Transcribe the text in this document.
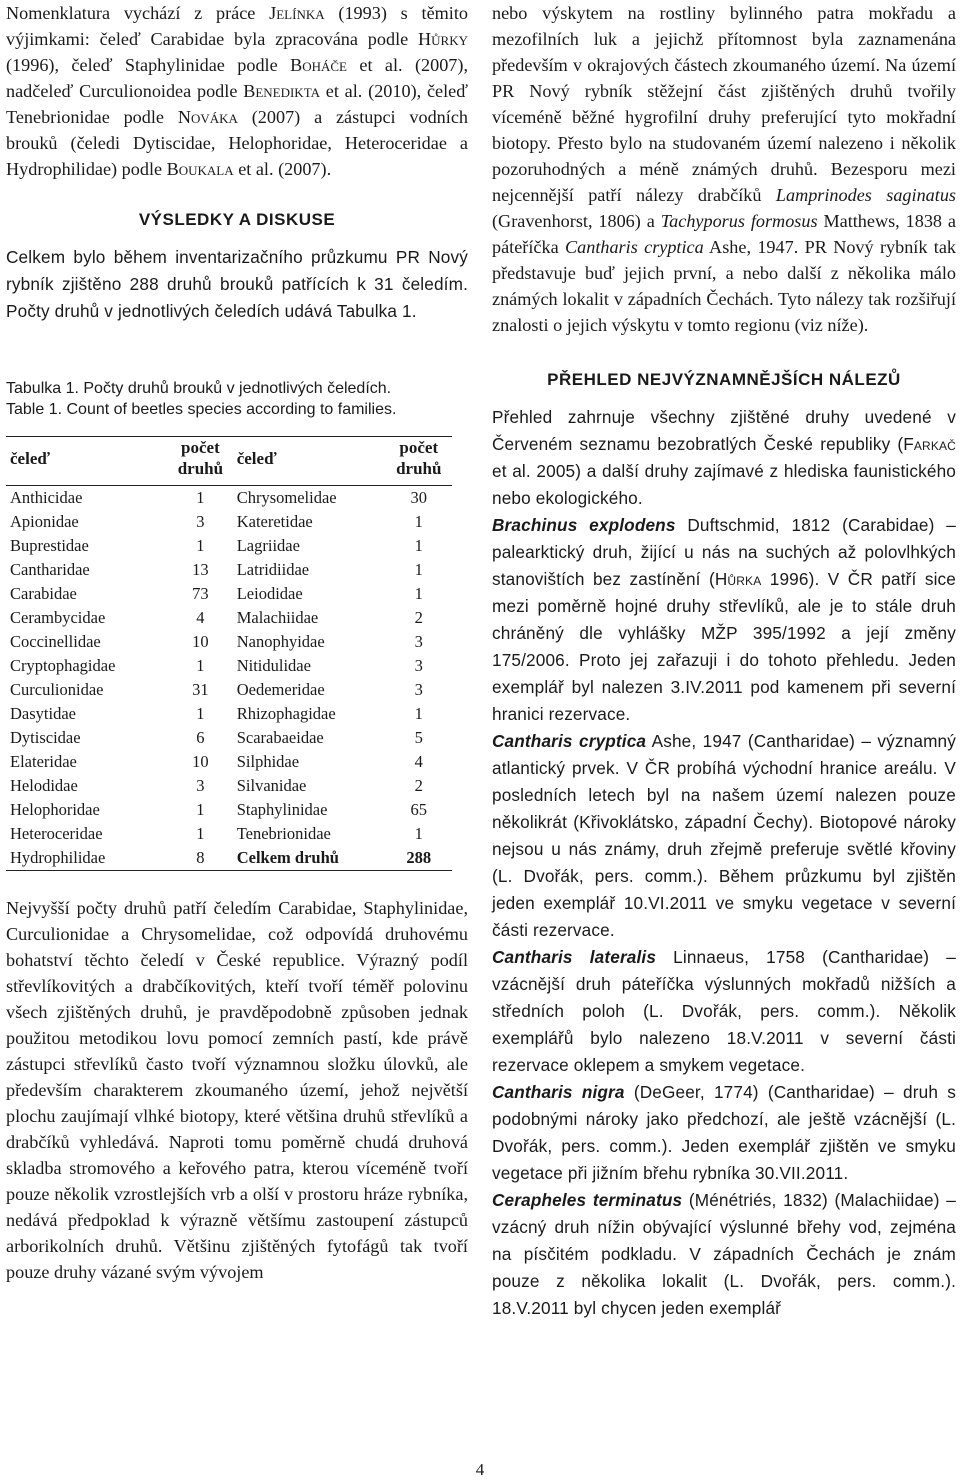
Nomenklatura vychází z práce Jelínka (1993) s těmito výjimkami: čeleď Carabidae byla zpracována podle Hůrky (1996), čeleď Staphylinidae podle Boháče et al. (2007), nadčeleď Curculionoidea podle Benedikta et al. (2010), čeleď Tenebrionidae podle Nováka (2007) a zástupci vodních brouků (čeledi Dytiscidae, Helophoridae, Heteroceridae a Hydrophilidae) podle Boukala et al. (2007).

VÝSLEDKY A DISKUSE

Celkem bylo během inventarizačního průzkumu PR Nový rybník zjištěno 288 druhů brouků patřících k 31 čeledím. Počty druhů v jednotlivých čeledích udává Tabulka 1.

Tabulka 1. Počty druhů brouků v jednotlivých čeledích.

Table 1. Count of beetles species according to families.

čeleď	počet druhů	čeleď	počet druhů
Anthicidae	1	Chrysomelidae	30
Apionidae	3	Kateretidae	1
Buprestidae	1	Lagriidae	1
Cantharidae	13	Latridiidae	1
Carabidae	73	Leiodidae	1
Cerambycidae	4	Malachiidae	2
Coccinellidae	10	Nanophyidae	3
Cryptophagidae	1	Nitidulidae	3
Curculionidae	31	Oedemeridae	3
Dasytidae	1	Rhizophagidae	1
Dytiscidae	6	Scarabaeidae	5
Elateridae	10	Silphidae	4
Helodidae	3	Silvanidae	2
Helophoridae	1	Staphylinidae	65
Heteroceridae	1	Tenebrionidae	1
Hydrophilidae	8	Celkem druhů	288

Nejvyšší počty druhů patří čeledím Carabidae, Staphylinidae, Curculionidae a Chrysomelidae, což odpovídá druhovému bohatství těchto čeledí v České republice. Výrazný podíl střevlíkovitých a drabčíkovitých, kteří tvoří téměř polovinu všech zjištěných druhů, je pravděpodobně způsoben jednak použitou metodikou lovu pomocí zemních pastí, kde právě zástupci střevlíků často tvoří významnou složku úlovků, ale především charakterem zkoumaného území, jehož největší plochu zaujímají vlhké biotopy, které většina druhů střevlíků a drabčíků vyhledává. Naproti tomu poměrně chudá druhová skladba stromového a keřového patra, kterou víceméně tvoří pouze několik vzrostlejších vrb a olší v prostoru hráze rybníka, nedává předpoklad k výrazně většímu zastoupení zástupců arborikolních druhů. Většinu zjištěných fytofágů tak tvoří pouze druhy vázané svým vývojem

nebo výskytem na rostliny bylinného patra mokřadu a mezofilních luk a jejichž přítomnost byla zaznamenána především v okrajových částech zkoumaného území. Na území PR Nový rybník stěžejní část zjištěných druhů tvořily víceméně běžné hygrofilní druhy preferující tyto mokřadní biotopy. Přesto bylo na studovaném území nalezeno i několik pozoruhodných a méně známých druhů. Bezesporu mezi nejcennější patří nálezy drabčíků Lamprinodes saginatus (Gravenhorst, 1806) a Tachyporus formosus Matthews, 1838 a páteříčka Cantharis cryptica Ashe, 1947. PR Nový rybník tak představuje buď jejich první, a nebo další z několika málo známých lokalit v západních Čechách. Tyto nálezy tak rozšiřují znalosti o jejich výskytu v tomto regionu (viz níže).

PŘEHLED NEJVÝZNAMNĚJŠÍCH NÁLEZŮ

Přehled zahrnuje všechny zjištěné druhy uvedené v Červeném seznamu bezobratlých České republiky (Farkač et al. 2005) a další druhy zajímavé z hlediska faunistického nebo ekologického.

Brachinus explodens Duftschmid, 1812 (Carabidae) – palearktický druh, žijící u nás na suchých až polovlhkých stanovištích bez zastínění (Hůrka 1996). V ČR patří sice mezi poměrně hojné druhy střevlíků, ale je to stále druh chráněný dle vyhlášky MŽP 395/1992 a její změny 175/2006. Proto jej zařazuji i do tohoto přehledu. Jeden exemplář byl nalezen 3.IV.2011 pod kamenem při severní hranici rezervace.

Cantharis cryptica Ashe, 1947 (Cantharidae) – významný atlantický prvek. V ČR probíhá východní hranice areálu. V posledních letech byl na našem území nalezen pouze několikrát (Křivoklátsko, západní Čechy). Biotopové nároky nejsou u nás známy, druh zřejmě preferuje světlé křoviny (L. Dvořák, pers. comm.). Během průzkumu byl zjištěn jeden exemplář 10.VI.2011 ve smyku vegetace v severní části rezervace.

Cantharis lateralis Linnaeus, 1758 (Cantharidae) – vzácnější druh páteříčka výslunných mokřadů nižších a středních poloh (L. Dvořák, pers. comm.). Několik exemplářů bylo nalezeno 18.V.2011 v severní části rezervace oklepem a smykem vegetace.

Cantharis nigra (DeGeer, 1774) (Cantharidae) – druh s podobnými nároky jako předchozí, ale ještě vzácnější (L. Dvořák, pers. comm.). Jeden exemplář zjištěn ve smyku vegetace při jižním břehu rybníka 30.VII.2011.

Cerapheles terminatus (Ménétriés, 1832) (Malachiidae) – vzácný druh nížin obývající výslunné břehy vod, zejména na písčitém podkladu. V západních Čechách je znám pouze z několika lokalit (L. Dvořák, pers. comm.). 18.V.2011 byl chycen jeden exemplář

4
